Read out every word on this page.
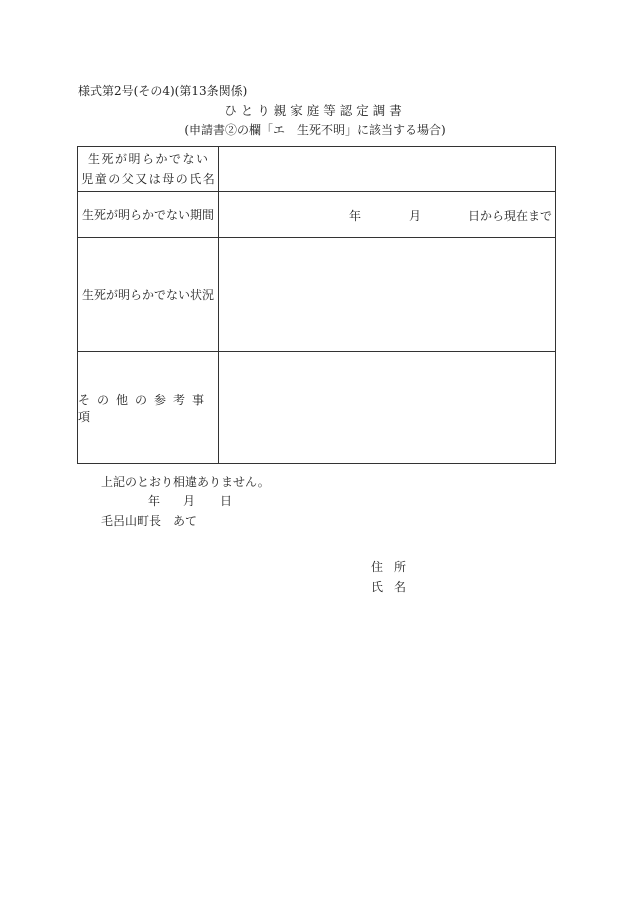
様式第2号(その4)(第13条関係)
ひとり親家庭等認定調書
(申請書②の欄「エ　生死不明」に該当する場合)
生死が明らかでない
児童の父又は母の氏名
生死が明らかでない期間	年	月	日から現在まで
生死が明らかでない状況
その他の参考事項
上記のとおり相違ありません。
年 月 日
毛呂山町長　あて
住所
氏名
